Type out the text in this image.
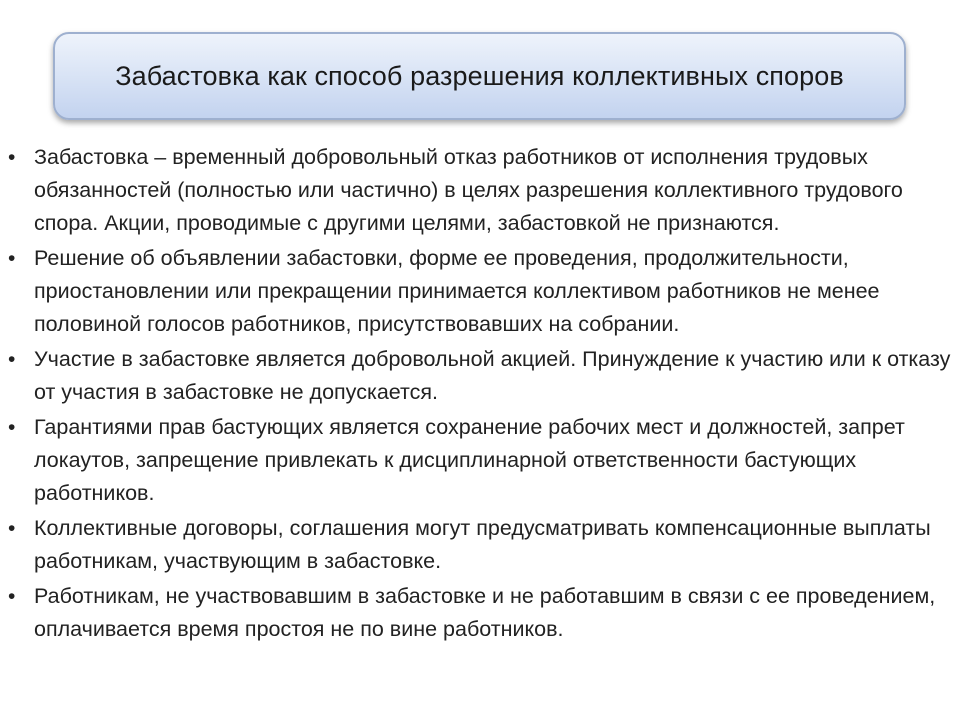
Забастовка как способ разрешения коллективных споров
• Забастовка – временный добровольный отказ работников от исполнения трудовых обязанностей (полностью или частично) в целях разрешения коллективного трудового спора. Акции, проводимые с другими целями, забастовкой не признаются.
• Решение об объявлении забастовки, форме ее проведения, продолжительности, приостановлении или прекращении принимается коллективом работников не менее половиной голосов работников, присутствовавших на собрании.
• Участие в забастовке является добровольной акцией. Принуждение к участию или к отказу от участия в забастовке не допускается.
• Гарантиями прав бастующих является сохранение рабочих мест и должностей, запрет локаутов, запрещение привлекать к дисциплинарной ответственности бастующих работников.
• Коллективные договоры, соглашения могут предусматривать компенсационные выплаты работникам, участвующим в забастовке.
• Работникам, не участвовавшим в забастовке и не работавшим в связи с ее проведением, оплачивается время простоя не по вине работников.
